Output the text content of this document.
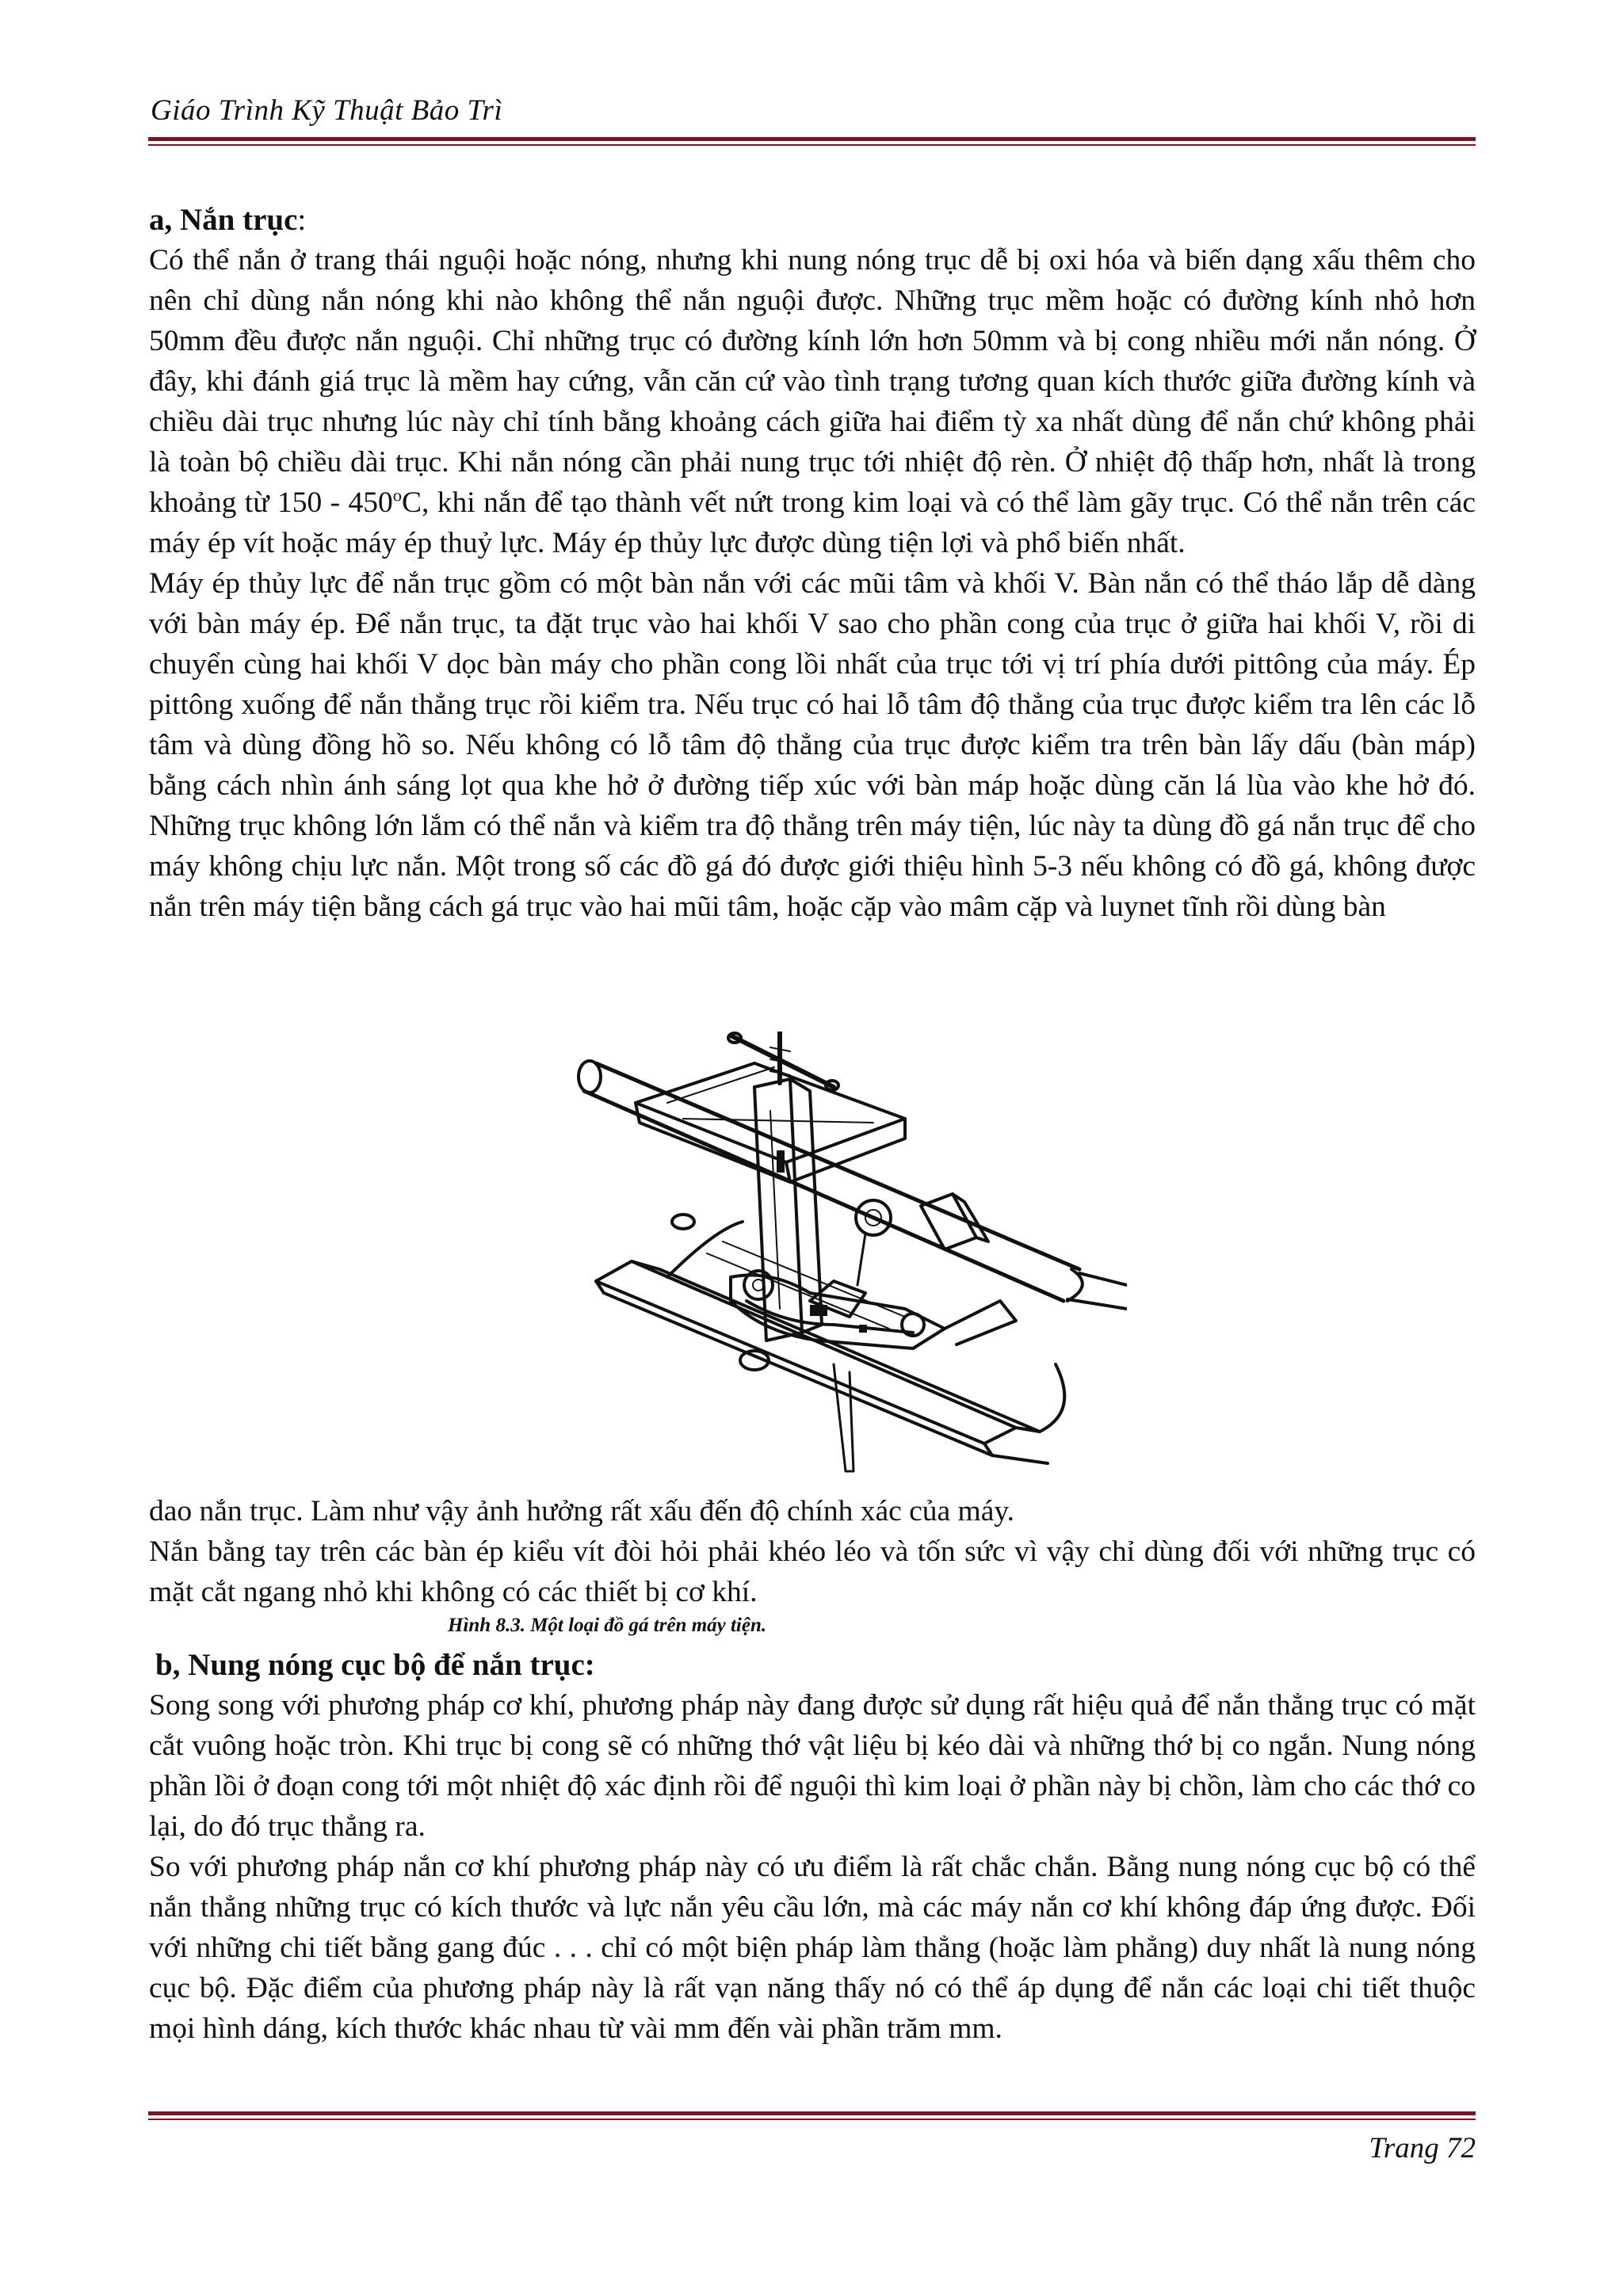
Giáo Trình Kỹ Thuật Bảo Trì
a, Nắn trục:

Có thể nắn ở trang thái nguội hoặc nóng, nhưng khi nung nóng trục dễ bị oxi hóa và biến dạng xấu thêm cho nên chỉ dùng nắn nóng khi nào không thể nắn nguội được. Những trục mềm hoặc có đường kính nhỏ hơn 50mm đều được nắn nguội. Chỉ những trục có đường kính lớn hơn 50mm và bị cong nhiều mới nắn nóng. Ở đây, khi đánh giá trục là mềm hay cứng, vẫn căn cứ vào tình trạng tương quan kích thước giữa đường kính và chiều dài trục nhưng lúc này chỉ tính bằng khoảng cách giữa hai điểm tỳ xa nhất dùng để nắn chứ không phải là toàn bộ chiều dài trục. Khi nắn nóng cần phải nung trục tới nhiệt độ rèn. Ở nhiệt độ thấp hơn, nhất là trong khoảng từ 150 - 450$^o$C, khi nắn để tạo thành vết nứt trong kim loại và có thể làm gãy trục. Có thể nắn trên các máy ép vít hoặc máy ép thuỷ lực. Máy ép thủy lực được dùng tiện lợi và phổ biến nhất.

Máy ép thủy lực để nắn trục gồm có một bàn nắn với các mũi tâm và khối V. Bàn nắn có thể tháo lắp dễ dàng với bàn máy ép. Để nắn trục, ta đặt trục vào hai khối V sao cho phần cong của trục ở giữa hai khối V, rồi di chuyển cùng hai khối V dọc bàn máy cho phần cong lồi nhất của trục tới vị trí phía dưới pittông của máy. Ép pittông xuống để nắn thẳng trục rồi kiểm tra. Nếu trục có hai lỗ tâm độ thẳng của trục được kiểm tra lên các lỗ tâm và dùng đồng hồ so. Nếu không có lỗ tâm độ thẳng của trục được kiểm tra trên bàn lấy dấu (bàn máp) bằng cách nhìn ánh sáng lọt qua khe hở ở đường tiếp xúc với bàn máp hoặc dùng căn lá lùa vào khe hở đó. Những trục không lớn lắm có thể nắn và kiểm tra độ thẳng trên máy tiện, lúc này ta dùng đồ gá nắn trục để cho máy không chịu lực nắn. Một trong số các đồ gá đó được giới thiệu hình 5-3 nếu không có đồ gá, không được nắn trên máy tiện bằng cách gá trục vào hai mũi tâm, hoặc cặp vào mâm cặp và luynet tĩnh rồi dùng bàn

dao nắn trục. Làm như vậy ảnh hưởng rất xấu đến độ chính xác của máy.

Nắn bằng tay trên các bàn ép kiểu vít đòi hỏi phải khéo léo và tốn sức vì vậy chỉ dùng đối với những trục có mặt cắt ngang nhỏ khi không có các thiết bị cơ khí.

Hình 8.3. Một loại đồ gá trên máy tiện.
b, Nung nóng cục bộ để nắn trục:

Song song với phương pháp cơ khí, phương pháp này đang được sử dụng rất hiệu quả để nắn thẳng trục có mặt cắt vuông hoặc tròn. Khi trục bị cong sẽ có những thớ vật liệu bị kéo dài và những thớ bị co ngắn. Nung nóng phần lồi ở đoạn cong tới một nhiệt độ xác định rồi để nguội thì kim loại ở phần này bị chồn, làm cho các thớ co lại, do đó trục thẳng ra.

So với phương pháp nắn cơ khí phương pháp này có ưu điểm là rất chắc chắn. Bằng nung nóng cục bộ có thể nắn thẳng những trục có kích thước và lực nắn yêu cầu lớn, mà các máy nắn cơ khí không đáp ứng được. Đối với những chi tiết bằng gang đúc . . . chỉ có một biện pháp làm thẳng (hoặc làm phẳng) duy nhất là nung nóng cục bộ. Đặc điểm của phương pháp này là rất vạn năng thấy nó có thể áp dụng để nắn các loại chi tiết thuộc mọi hình dáng, kích thước khác nhau từ vài mm đến vài phần trăm mm.

Trang 72
